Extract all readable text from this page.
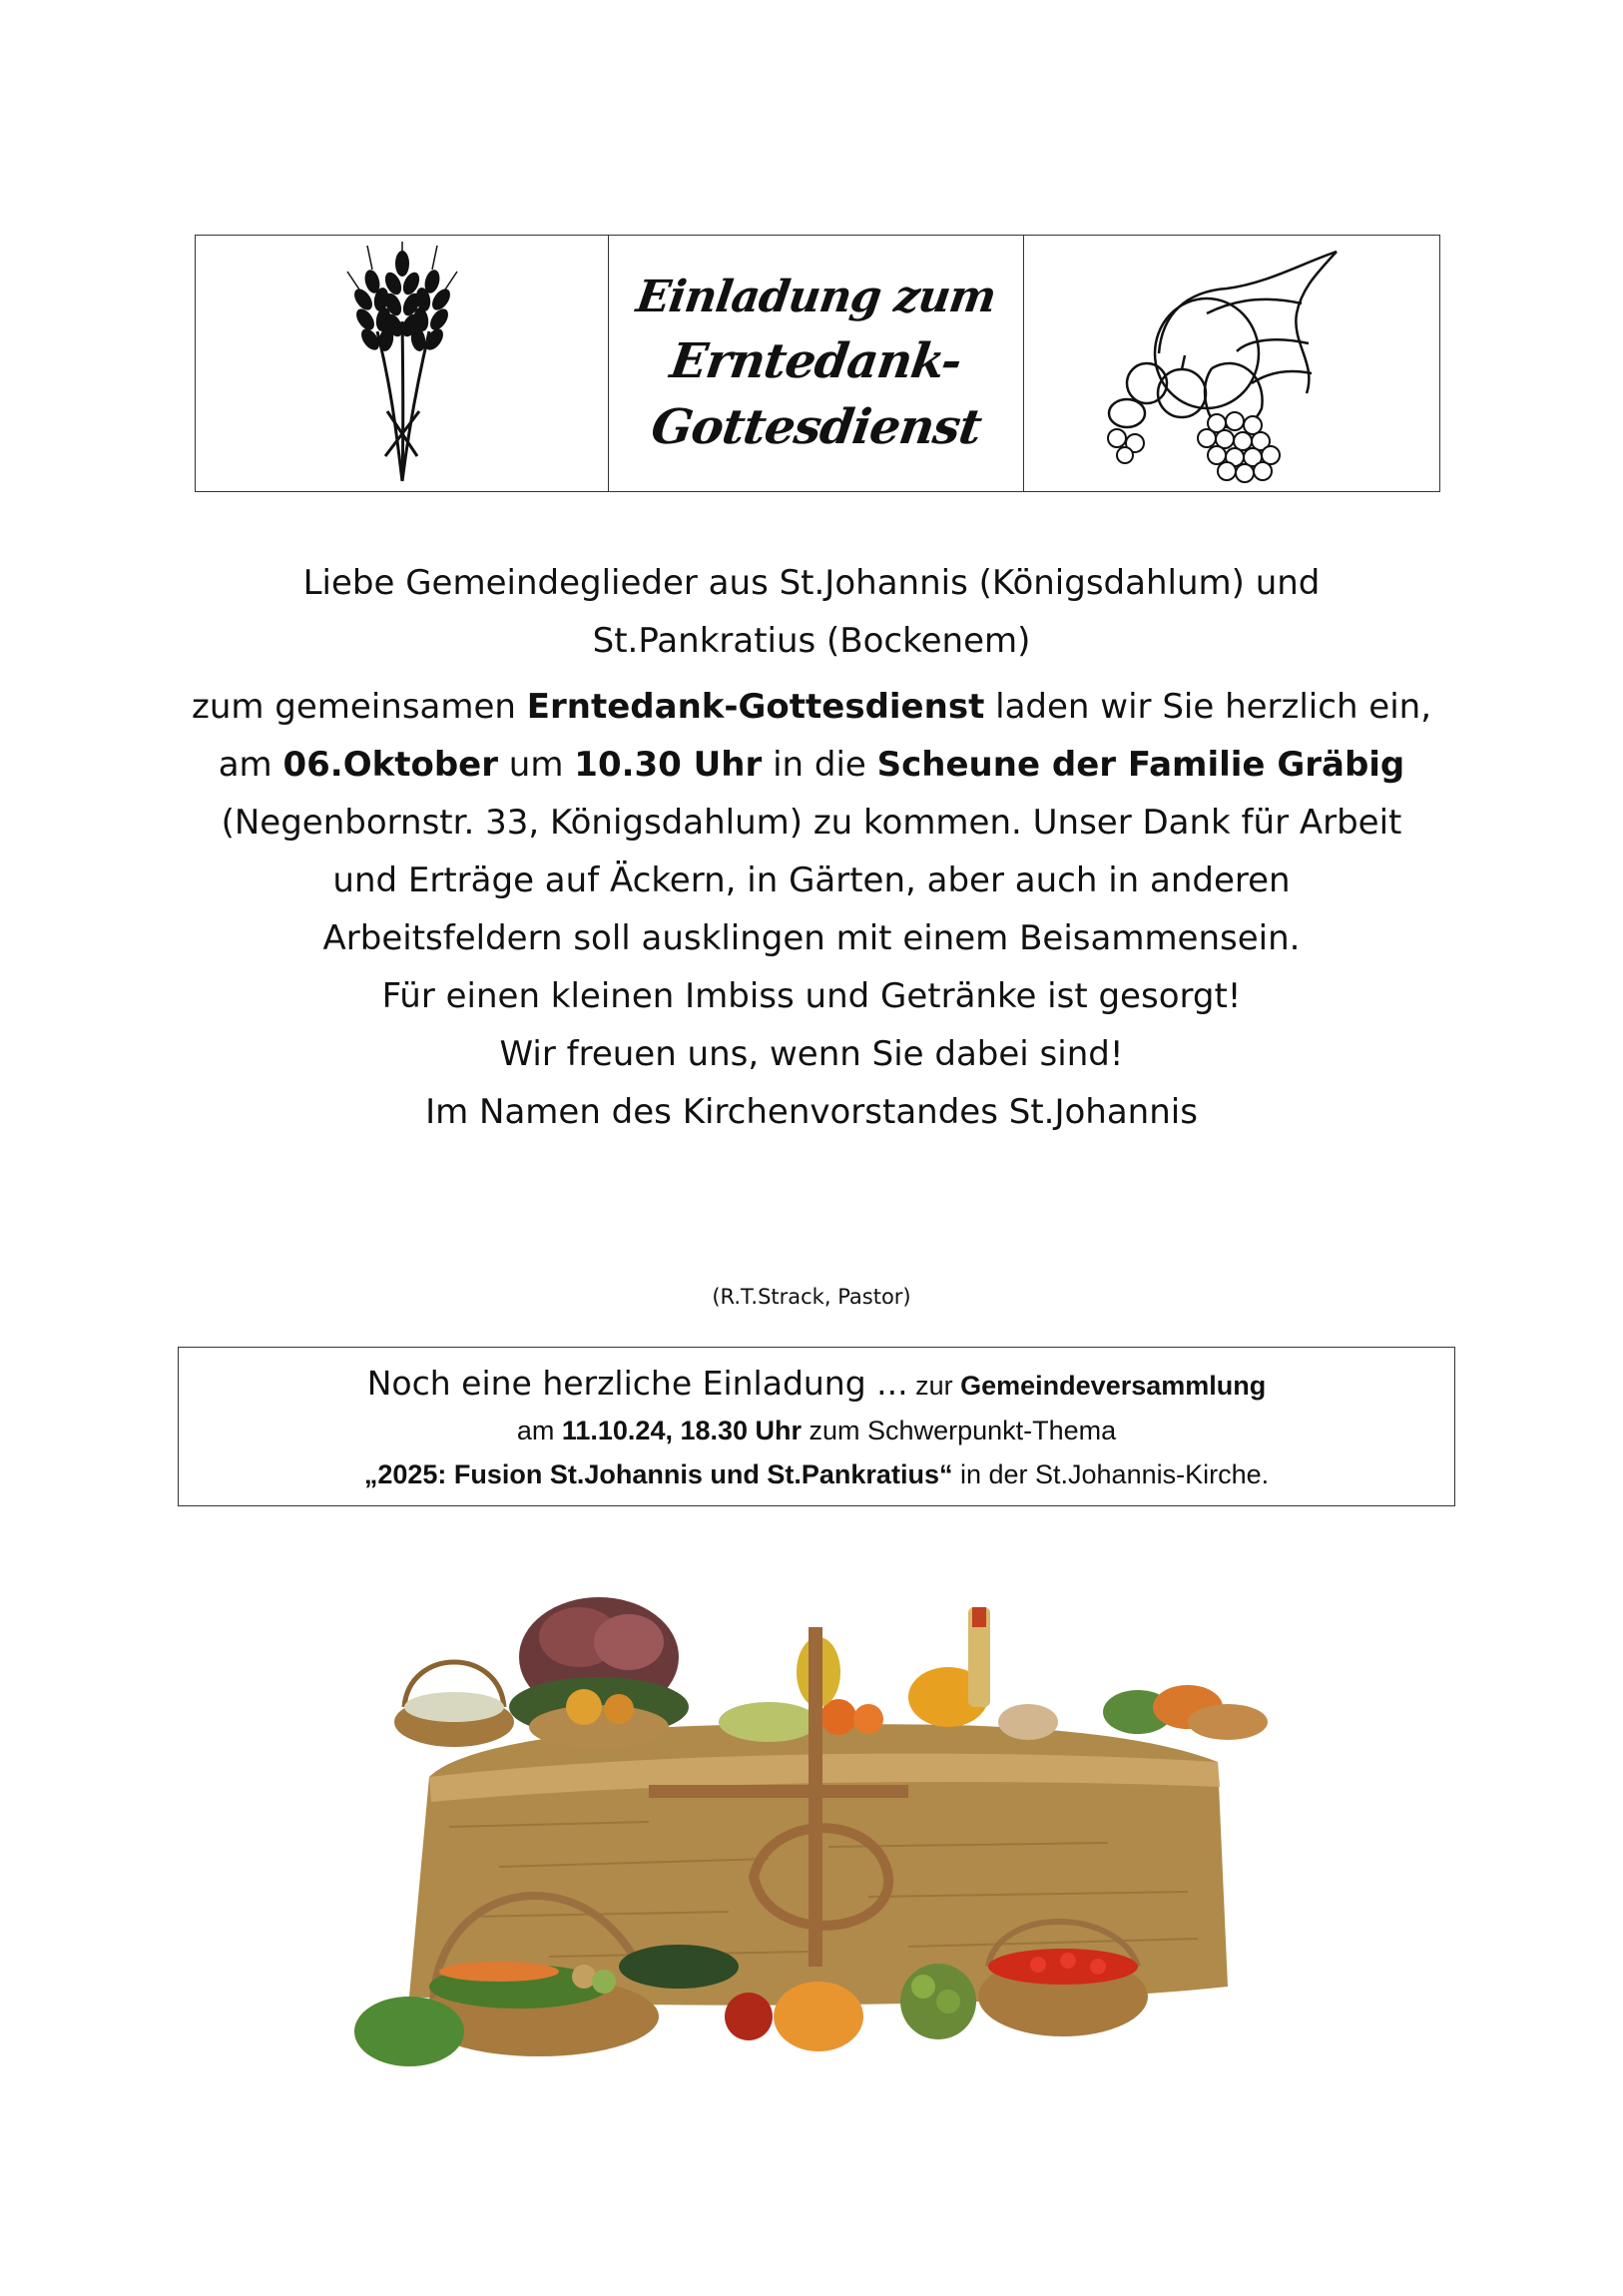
Einladung zum
Erntedank-
Gottesdienst

Liebe Gemeindeglieder aus St.Johannis (Königsdahlum) und

St.Pankratius (Bockenem)

zum gemeinsamen Erntedank-Gottesdienst laden wir Sie herzlich ein,

am 06.Oktober um 10.30 Uhr in die Scheune der Familie Gräbig

(Negenbornstr. 33, Königsdahlum) zu kommen. Unser Dank für Arbeit

und Erträge auf Äckern, in Gärten, aber auch in anderen

Arbeitsfeldern soll ausklingen mit einem Beisammensein.

Für einen kleinen Imbiss und Getränke ist gesorgt!

Wir freuen uns, wenn Sie dabei sind!

Im Namen des Kirchenvorstandes St.Johannis

(R.T.Strack, Pastor)
Noch eine herzliche Einladung ... zur Gemeindeversammlung
am 11.10.24, 18.30 Uhr zum Schwerpunkt-Thema
„2025: Fusion St.Johannis und St.Pankratius“ in der St.Johannis-Kirche.
